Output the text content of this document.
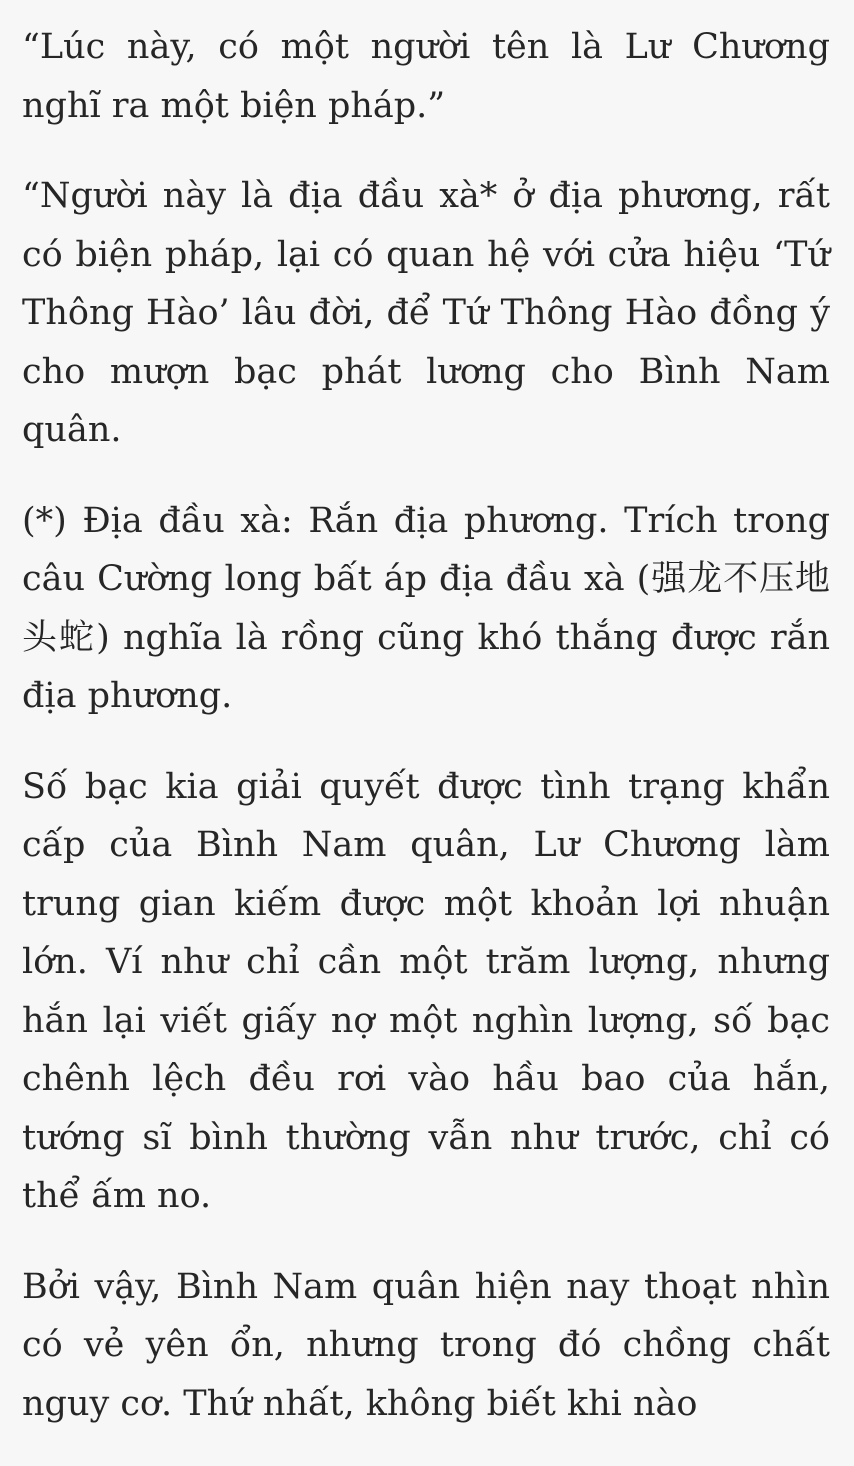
“Lúc này, có một người tên là Lư Chương nghĩ ra một biện pháp.”

“Người này là địa đầu xà* ở địa phương, rất có biện pháp, lại có quan hệ với cửa hiệu ‘Tứ Thông Hào’ lâu đời, để Tứ Thông Hào đồng ý cho mượn bạc phát lương cho Bình Nam quân.

(*) Địa đầu xà: Rắn địa phương. Trích trong câu Cường long bất áp địa đầu xà (强龙不压地头蛇) nghĩa là rồng cũng khó thắng được rắn địa phương.

Số bạc kia giải quyết được tình trạng khẩn cấp của Bình Nam quân, Lư Chương làm trung gian kiếm được một khoản lợi nhuận lớn. Ví như chỉ cần một trăm lượng, nhưng hắn lại viết giấy nợ một nghìn lượng, số bạc chênh lệch đều rơi vào hầu bao của hắn, tướng sĩ bình thường vẫn như trước, chỉ có thể ấm no.

Bởi vậy, Bình Nam quân hiện nay thoạt nhìn có vẻ yên ổn, nhưng trong đó chồng chất nguy cơ. Thứ nhất, không biết khi nào
